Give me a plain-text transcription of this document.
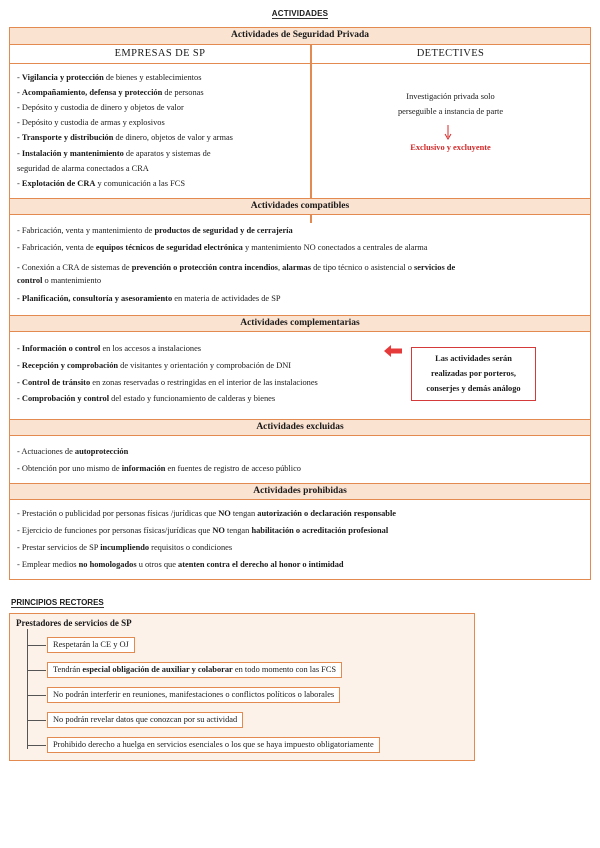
ACTIVIDADES
Actividades de Seguridad Privada
EMPRESAS DE SP	DETECTIVES
- Vigilancia y protección de bienes y establecimientos
- Acompañamiento, defensa y protección de personas
- Depósito y custodia de dinero y objetos de valor
- Depósito y custodia de armas y explosivos
- Transporte y distribución de dinero, objetos de valor y armas
- Instalación y mantenimiento de aparatos y sistemas de
seguridad de alarma conectados a CRA
- Explotación de CRA y comunicación a las FCS
Investigación privada solo
perseguible a instancia de parte
Exclusivo y excluyente
Actividades compatibles
- Fabricación, venta y mantenimiento de productos de seguridad y de cerrajería
- Fabricación, venta de equipos técnicos de seguridad electrónica y mantenimiento NO conectados a centrales de alarma
- Conexión a CRA de sistemas de prevención o protección contra incendios, alarmas de tipo técnico o asistencial o servicios de
control o mantenimiento
- Planificación, consultoría y asesoramiento en materia de actividades de SP
Actividades complementarias
- Información o control en los accesos a instalaciones
- Recepción y comprobación de visitantes y orientación y comprobación de DNI
- Control de tránsito en zonas reservadas o restringidas en el interior de las instalaciones
- Comprobación y control del estado y funcionamiento de calderas y bienes
Actividades excluidas
- Actuaciones de autoprotección
- Obtención por uno mismo de información en fuentes de registro de acceso público
Actividades prohibidas
- Prestación o publicidad por personas físicas /jurídicas que NO tengan autorización o declaración responsable
- Ejercicio de funciones por personas físicas/jurídicas que NO tengan habilitación o acreditación profesional
- Prestar servicios de SP incumpliendo requisitos o condiciones
- Emplear medios no homologados u otros que atenten contra el derecho al honor o intimidad
Las actividades serán
realizadas por porteros,
conserjes y demás análogo
PRINCIPIOS RECTORES
Prestadores de servicios de SP
Respetarán la CE y OJ
Tendrán especial obligación de auxiliar y colaborar en todo momento con las FCS
No podrán interferir en reuniones, manifestaciones o conflictos políticos o laborales
No podrán revelar datos que conozcan por su actividad
Prohibido derecho a huelga en servicios esenciales o los que se haya impuesto obligatoriamente
